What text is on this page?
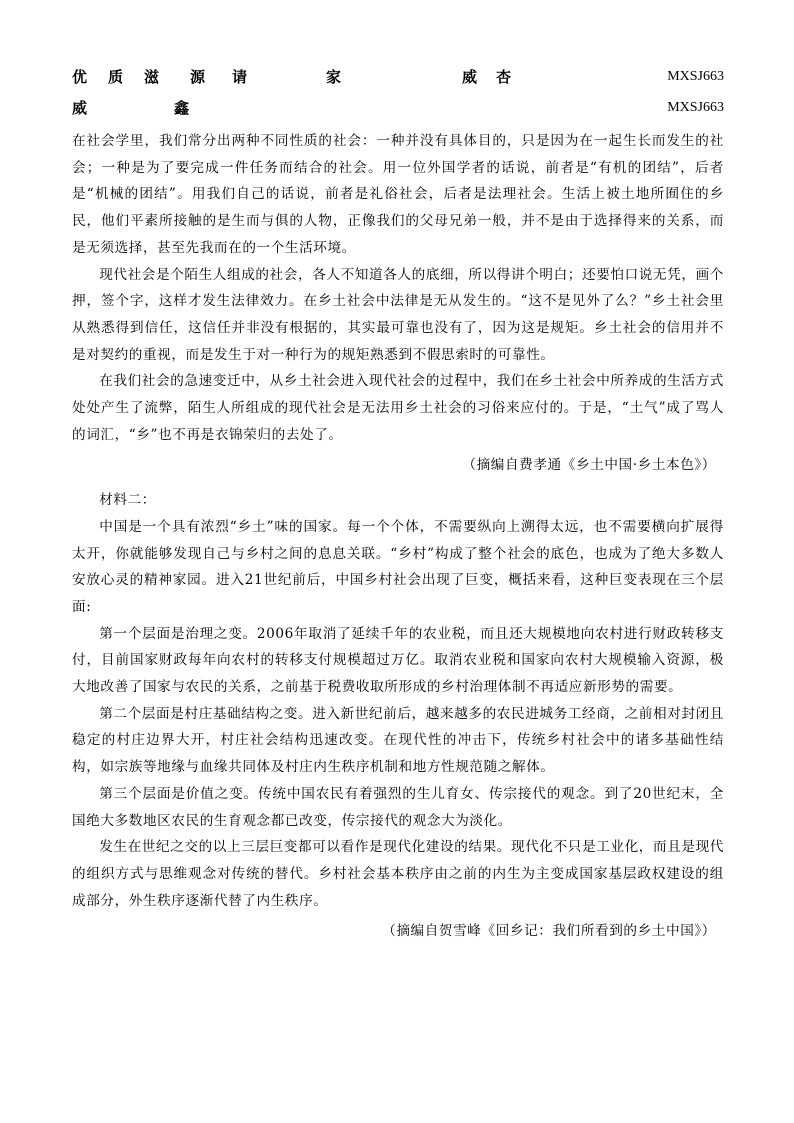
优 质 滋 源 请	家	威 杏	MXSJ663
威	鑫	MXSJ663

在社会学里，我们常分出两种不同性质的社会：一种并没有具体目的，只是因为在一起生长而发生的社会；一种是为了要完成一件任务而结合的社会。用一位外国学者的话说，前者是“有机的团结”，后者是“机械的团结”。用我们自己的话说，前者是礼俗社会，后者是法理社会。生活上被土地所囿住的乡民，他们平素所接触的是生而与俱的人物，正像我们的父母兄弟一般，并不是由于选择得来的关系，而是无须选择，甚至先我而在的一个生活环境。

现代社会是个陌生人组成的社会，各人不知道各人的底细，所以得讲个明白；还要怕口说无凭，画个押，签个字，这样才发生法律效力。在乡土社会中法律是无从发生的。“这不是见外了么？”乡土社会里从熟悉得到信任，这信任并非没有根据的，其实最可靠也没有了，因为这是规矩。乡土社会的信用并不是对契约的重视，而是发生于对一种行为的规矩熟悉到不假思索时的可靠性。

在我们社会的急速变迁中，从乡土社会进入现代社会的过程中，我们在乡土社会中所养成的生活方式处处产生了流弊，陌生人所组成的现代社会是无法用乡土社会的习俗来应付的。于是，“土气”成了骂人的词汇，“乡”也不再是衣锦荣归的去处了。

（摘编自费孝通《乡土中国·乡土本色》）

材料二：

中国是一个具有浓烈“乡土”味的国家。每一个个体，不需要纵向上溯得太远，也不需要横向扩展得太开，你就能够发现自己与乡村之间的息息关联。“乡村”构成了整个社会的底色，也成为了绝大多数人安放心灵的精神家园。进入21世纪前后，中国乡村社会出现了巨变，概括来看，这种巨变表现在三个层面:

第一个层面是治理之变。2006年取消了延续千年的农业税，而且还大规模地向农村进行财政转移支付，目前国家财政每年向农村的转移支付规模超过万亿。取消农业税和国家向农村大规模输入资源，极大地改善了国家与农民的关系，之前基于税费收取所形成的乡村治理体制不再适应新形势的需要。

第二个层面是村庄基础结构之变。进入新世纪前后，越来越多的农民进城务工经商，之前相对封闭且稳定的村庄边界大开，村庄社会结构迅速改变。在现代性的冲击下，传统乡村社会中的诸多基础性结构，如宗族等地缘与血缘共同体及村庄内生秩序机制和地方性规范随之解体。

第三个层面是价值之变。传统中国农民有着强烈的生儿育女、传宗接代的观念。到了20世纪末，全国绝大多数地区农民的生育观念都已改变，传宗接代的观念大为淡化。

发生在世纪之交的以上三层巨变都可以看作是现代化建设的结果。现代化不只是工业化，而且是现代的组织方式与思维观念对传统的替代。乡村社会基本秩序由之前的内生为主变成国家基层政权建设的组成部分，外生秩序逐渐代替了内生秩序。

（摘编自贺雪峰《回乡记：我们所看到的乡土中国》）
